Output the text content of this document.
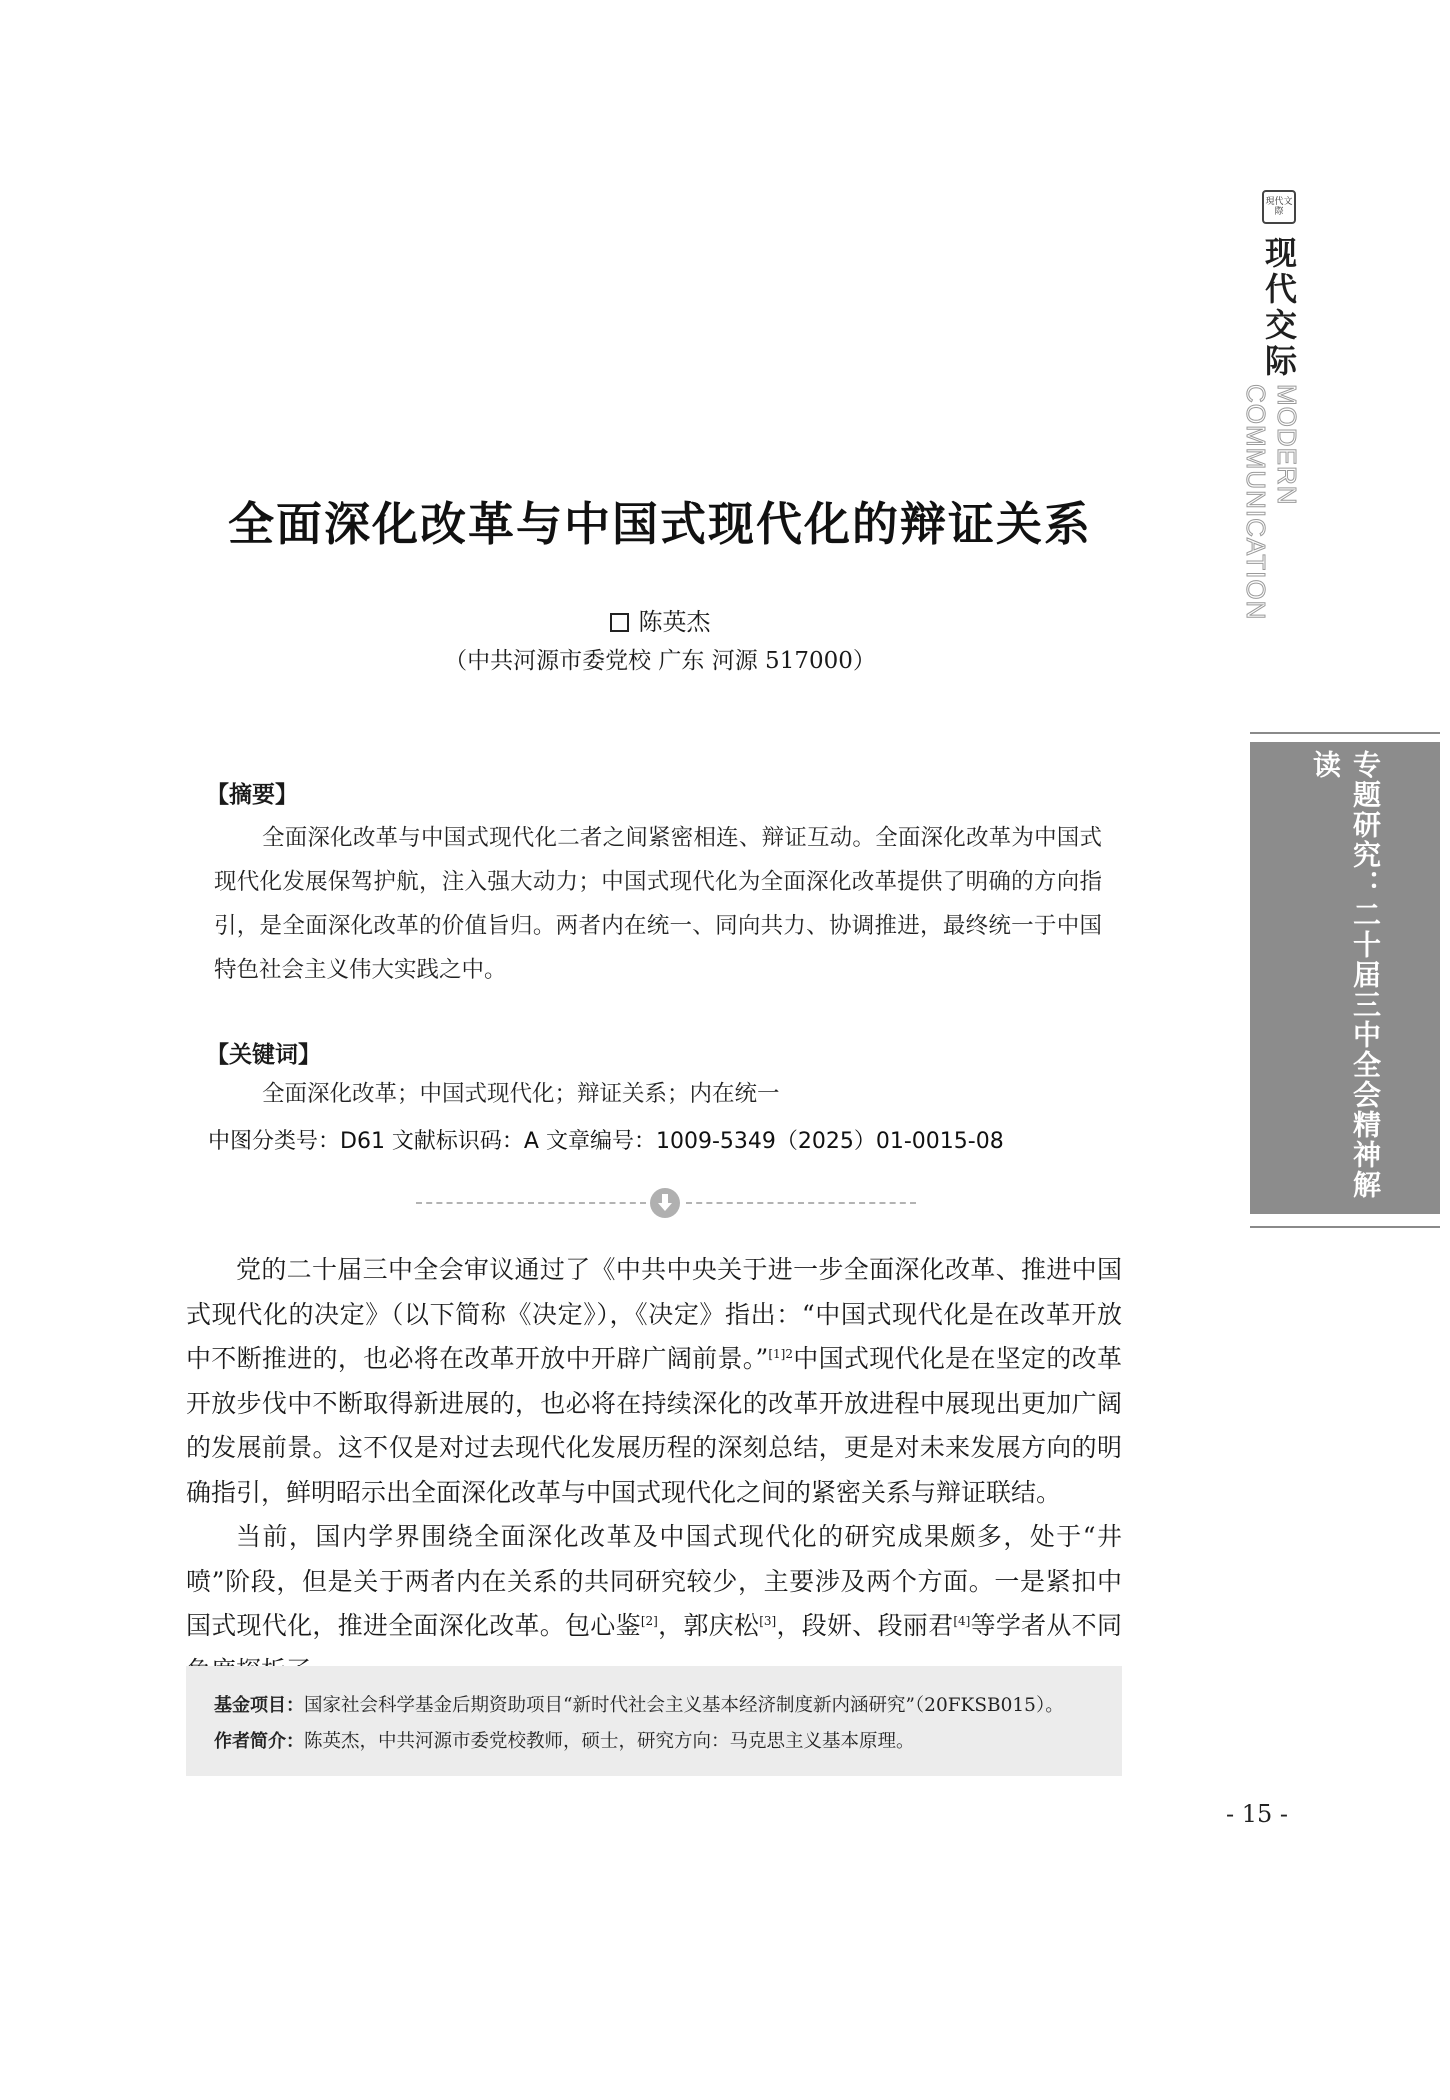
現代文際
现代交际
MODERN COMMUNICATION
专题研究：二十届三中全会精神解读
全面深化改革与中国式现代化的辩证关系
陈英杰
（中共河源市委党校 广东 河源 517000）
【摘要】
全面深化改革与中国式现代化二者之间紧密相连、辩证互动。全面深化改革为中国式现代化发展保驾护航，注入强大动力；中国式现代化为全面深化改革提供了明确的方向指引，是全面深化改革的价值旨归。两者内在统一、同向共力、协调推进，最终统一于中国特色社会主义伟大实践之中。
【关键词】
全面深化改革；中国式现代化；辩证关系；内在统一
中图分类号：D61 文献标识码：A 文章编号：1009-5349（2025）01-0015-08

党的二十届三中全会审议通过了《中共中央关于进一步全面深化改革、推进中国式现代化的决定》（以下简称《决定》），《决定》指出：“中国式现代化是在改革开放中不断推进的，也必将在改革开放中开辟广阔前景。”$^{[1]2}$中国式现代化是在坚定的改革开放步伐中不断取得新进展的，也必将在持续深化的改革开放进程中展现出更加广阔的发展前景。这不仅是对过去现代化发展历程的深刻总结，更是对未来发展方向的明确指引，鲜明昭示出全面深化改革与中国式现代化之间的紧密关系与辩证联结。

当前，国内学界围绕全面深化改革及中国式现代化的研究成果颇多，处于“井喷”阶段，但是关于两者内在关系的共同研究较少，主要涉及两个方面。一是紧扣中国式现代化，推进全面深化改革。包心鉴[2]，郭庆松[3]，段妍、段丽君[4]等学者从不同

基金项目：国家社会科学基金后期资助项目“新时代社会主义基本经济制度新内涵研究”（20FKSB015）。
作者简介：陈英杰，中共河源市委党校教师，硕士，研究方向：马克思主义基本原理。
- 15 -
